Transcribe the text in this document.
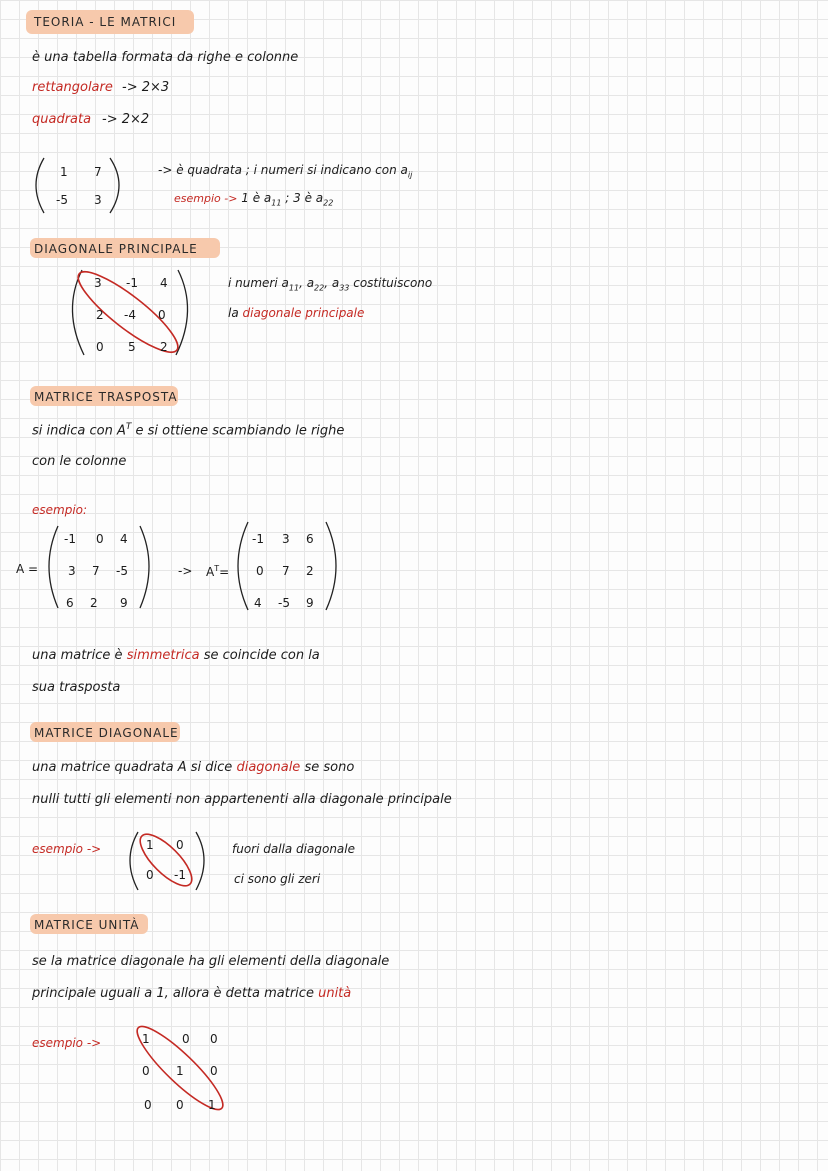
TEORIA - LE MATRICI
è una tabella formata da righe e colonne
rettangolare -> 2×3
quadrata -> 2×2
1 7
-5 3
-> è quadrata ; i numeri si indicano con $a_{ij}$
esempio -> 1 è $a_{11}$ ; 3 è $a_{22}$
DIAGONALE PRINCIPALE
3 -1 4
2 -4 0
0 5 2
i numeri $a_{11}$, $a_{22}$, $a_{33}$ costituiscono
la diagonale principale
MATRICE TRASPOSTA
si indica con $A^T$ e si ottiene scambiando le righe
con le colonne
esempio:
A =
-1 0 4
3 7 -5
6 2 9
-> $A^T=$
-1 3 6
0 7 2
4 -5 9
una matrice è simmetrica se coincide con la
sua trasposta
MATRICE DIAGONALE
una matrice quadrata A si dice diagonale se sono
nulli tutti gli elementi non appartenenti alla diagonale principale
esempio ->	1 0
0 -1
fuori dalla diagonale
ci sono gli zeri
MATRICE UNITÀ
se la matrice diagonale ha gli elementi della diagonale
principale uguali a 1, allora è detta matrice unità
esempio ->	1	0 0
0 1 0
0 0 1
